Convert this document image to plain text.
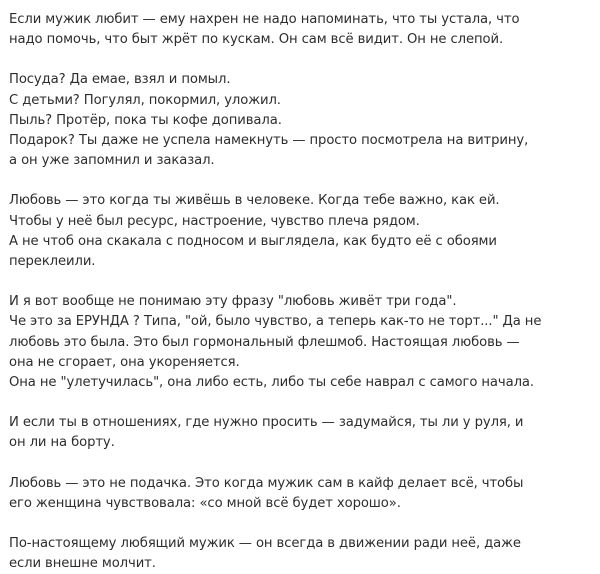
Если мужик любит — ему нахрен не надо напоминать, что ты устала, что
надо помочь, что быт жрёт по кускам. Он сам всё видит. Он не слепой.

Посуда? Да емае, взял и помыл.
С детьми? Погулял, покормил, уложил.
Пыль? Протёр, пока ты кофе допивала.
Подарок? Ты даже не успела намекнуть — просто посмотрела на витрину,
а он уже запомнил и заказал.

Любовь — это когда ты живёшь в человеке. Когда тебе важно, как ей.
Чтобы у неё был ресурс, настроение, чувство плеча рядом.
А не чтоб она скакала с подносом и выглядела, как будто её с обоями
переклеили.

И я вот вообще не понимаю эту фразу "любовь живёт три года".
Че это за ЕРУНДА ? Типа, "ой, было чувство, а теперь как-то не торт..." Да не
любовь это была. Это был гормональный флешмоб. Настоящая любовь —
она не сгорает, она укореняется.
Она не "улетучилась", она либо есть, либо ты себе наврал с самого начала.

И если ты в отношениях, где нужно просить — задумайся, ты ли у руля, и
он ли на борту.

Любовь — это не подачка. Это когда мужик сам в кайф делает всё, чтобы
его женщина чувствовала: «со мной всё будет хорошо».

По-настоящему любящий мужик — он всегда в движении ради неё, даже
если внешне молчит.
